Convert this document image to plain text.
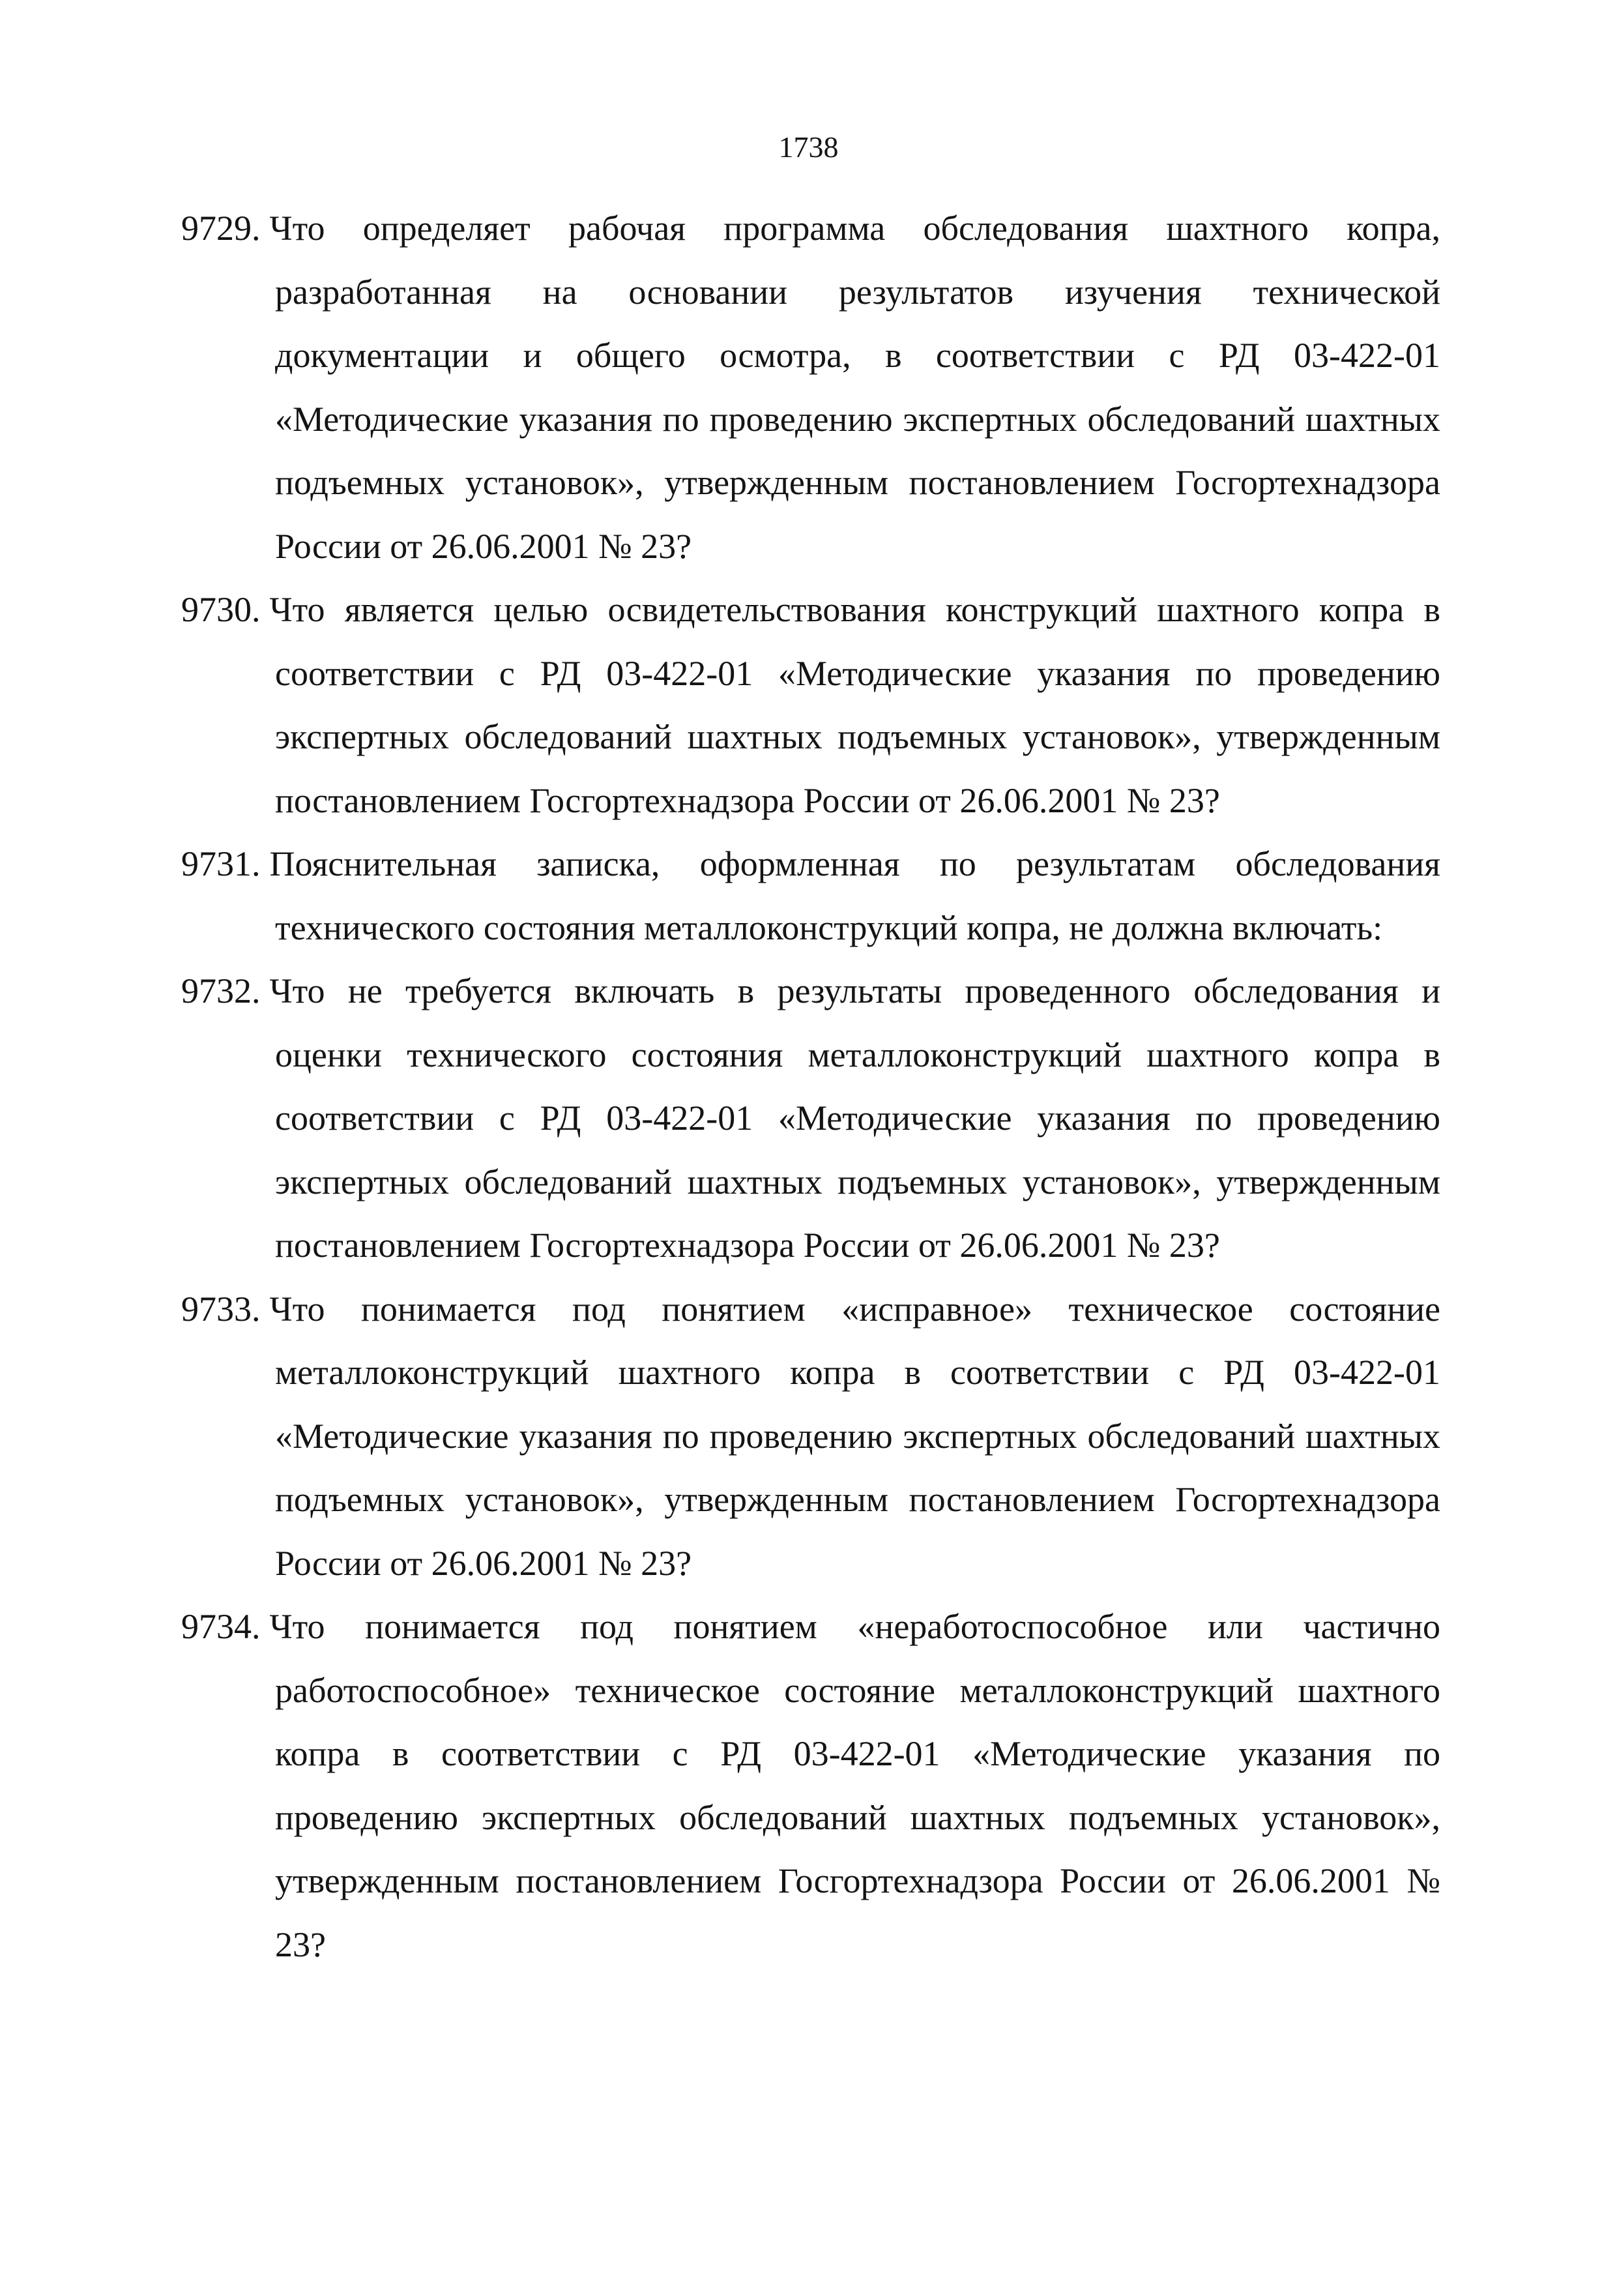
1738
9729. Что определяет рабочая программа обследования шахтного копра, разработанная на основании результатов изучения технической документации и общего осмотра, в соответствии с РД 03-422-01 «Методические указания по проведению экспертных обследований шахтных подъемных установок», утвержденным постановлением Госгортехнадзора России от 26.06.2001 № 23?
9730. Что является целью освидетельствования конструкций шахтного копра в соответствии с РД 03-422-01 «Методические указания по проведению экспертных обследований шахтных подъемных установок», утвержденным постановлением Госгортехнадзора России от 26.06.2001 № 23?
9731. Пояснительная записка, оформленная по результатам обследования технического состояния металлоконструкций копра, не должна включать:
9732. Что не требуется включать в результаты проведенного обследования и оценки технического состояния металлоконструкций шахтного копра в соответствии с РД 03-422-01 «Методические указания по проведению экспертных обследований шахтных подъемных установок», утвержденным постановлением Госгортехнадзора России от 26.06.2001 № 23?
9733. Что понимается под понятием «исправное» техническое состояние металлоконструкций шахтного копра в соответствии с РД 03-422-01 «Методические указания по проведению экспертных обследований шахтных подъемных установок», утвержденным постановлением Госгортехнадзора России от 26.06.2001 № 23?
9734. Что понимается под понятием «неработоспособное или частично работоспособное» техническое состояние металлоконструкций шахтного копра в соответствии с РД 03-422-01 «Методические указания по проведению экспертных обследований шахтных подъемных установок», утвержденным постановлением Госгортехнадзора России от 26.06.2001 № 23?
